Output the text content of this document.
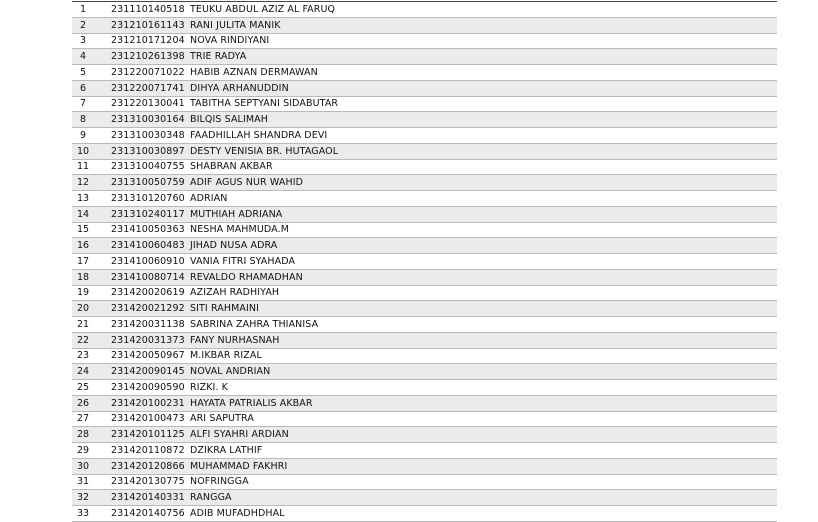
1	231110140518 TEUKU ABDUL AZIZ AL FARUQ
2	231210161143 RANI JULITA MANIK
3	231210171204 NOVA RINDIYANI
4	231210261398 TRIE RADYA
5	231220071022 HABIB AZNAN DERMAWAN
6	231220071741 DIHYA ARHANUDDIN
7	231220130041 TABITHA SEPTYANI SIDABUTAR
8	231310030164 BILQIS SALIMAH
9	231310030348 FAADHILLAH SHANDRA DEVI
10	231310030897 DESTY VENISIA BR. HUTAGAOL
11	231310040755 SHABRAN AKBAR
12	231310050759 ADIF AGUS NUR WAHID
13	231310120760 ADRIAN
14	231310240117 MUTHIAH ADRIANA
15	231410050363 NESHA MAHMUDA.M
16	231410060483 JIHAD NUSA ADRA
17	231410060910 VANIA FITRI SYAHADA
18	231410080714 REVALDO RHAMADHAN
19	231420020619 AZIZAH RADHIYAH
20	231420021292 SITI RAHMAINI
21	231420031138 SABRINA ZAHRA THIANISA
22	231420031373 FANY NURHASNAH
23	231420050967 M.IKBAR RIZAL
24	231420090145 NOVAL ANDRIAN
25	231420090590 RIZKI. K
26	231420100231 HAYATA PATRIALIS AKBAR
27	231420100473 ARI SAPUTRA
28	231420101125 ALFI SYAHRI ARDIAN
29	231420110872 DZIKRA LATHIF
30	231420120866 MUHAMMAD FAKHRI
31	231420130775 NOFRINGGA
32	231420140331 RANGGA
33	231420140756 ADIB MUFADHDHAL
